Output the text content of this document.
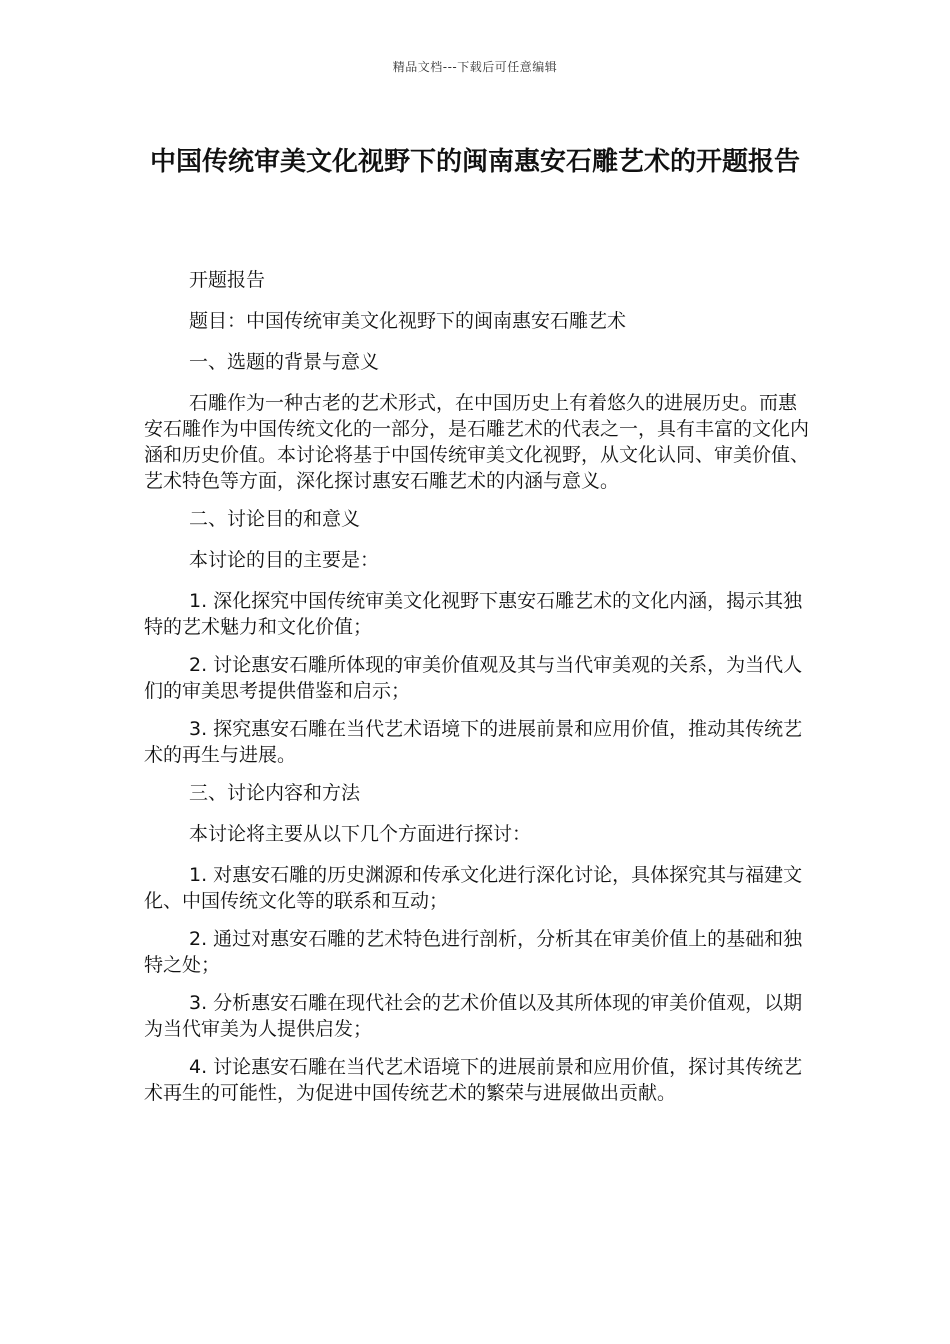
精品文档---下载后可任意编辑
中国传统审美文化视野下的闽南惠安石雕艺术的开题报告

开题报告

题目：中国传统审美文化视野下的闽南惠安石雕艺术

一、选题的背景与意义

石雕作为一种古老的艺术形式，在中国历史上有着悠久的进展历史。而惠安石雕作为中国传统文化的一部分，是石雕艺术的代表之一，具有丰富的文化内涵和历史价值。本讨论将基于中国传统审美文化视野，从文化认同、审美价值、艺术特色等方面，深化探讨惠安石雕艺术的内涵与意义。

二、讨论目的和意义

本讨论的目的主要是：

1. 深化探究中国传统审美文化视野下惠安石雕艺术的文化内涵，揭示其独特的艺术魅力和文化价值；

2. 讨论惠安石雕所体现的审美价值观及其与当代审美观的关系，为当代人们的审美思考提供借鉴和启示；

3. 探究惠安石雕在当代艺术语境下的进展前景和应用价值，推动其传统艺术的再生与进展。

三、讨论内容和方法

本讨论将主要从以下几个方面进行探讨：

1. 对惠安石雕的历史渊源和传承文化进行深化讨论，具体探究其与福建文化、中国传统文化等的联系和互动；

2. 通过对惠安石雕的艺术特色进行剖析，分析其在审美价值上的基础和独特之处；

3. 分析惠安石雕在现代社会的艺术价值以及其所体现的审美价值观，以期为当代审美为人提供启发；

4. 讨论惠安石雕在当代艺术语境下的进展前景和应用价值，探讨其传统艺术再生的可能性，为促进中国传统艺术的繁荣与进展做出贡献。
